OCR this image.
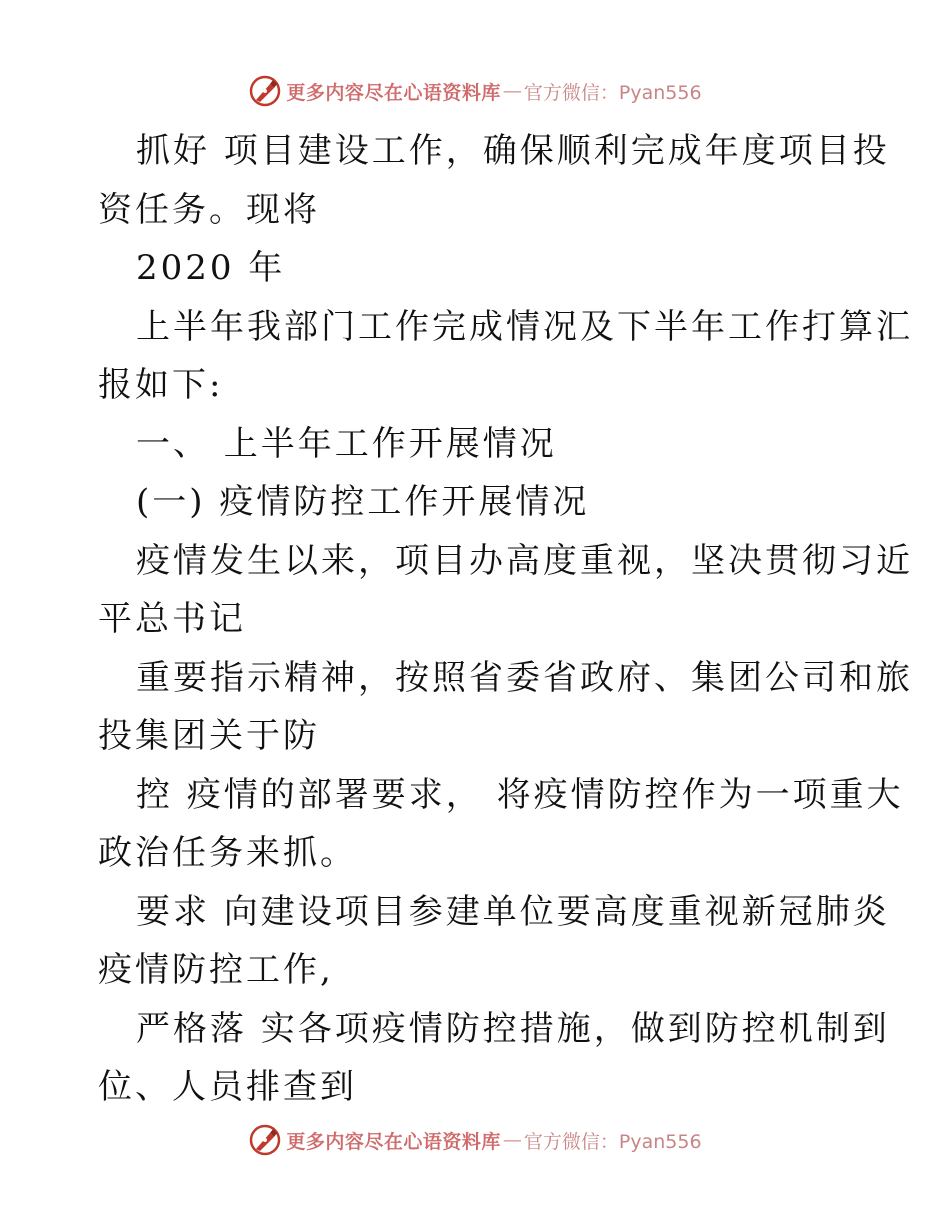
更多内容尽在心语资料库 — 官方微信：Pyan556
抓好 项目建设工作，确保顺利完成年度项目投
资任务。现将
2020 年
上半年我部门工作完成情况及下半年工作打算汇
报如下:
一、 上半年工作开展情况
(一) 疫情防控工作开展情况
疫情发生以来，项目办高度重视，坚决贯彻习近
平总书记
重要指示精神，按照省委省政府、集团公司和旅
投集团关于防
控 疫情的部署要求， 将疫情防控作为一项重大
政治任务来抓。
要求 向建设项目参建单位要高度重视新冠肺炎
疫情防控工作,
严格落 实各项疫情防控措施，做到防控机制到
位、人员排查到
更多内容尽在心语资料库 — 官方微信：Pyan556
